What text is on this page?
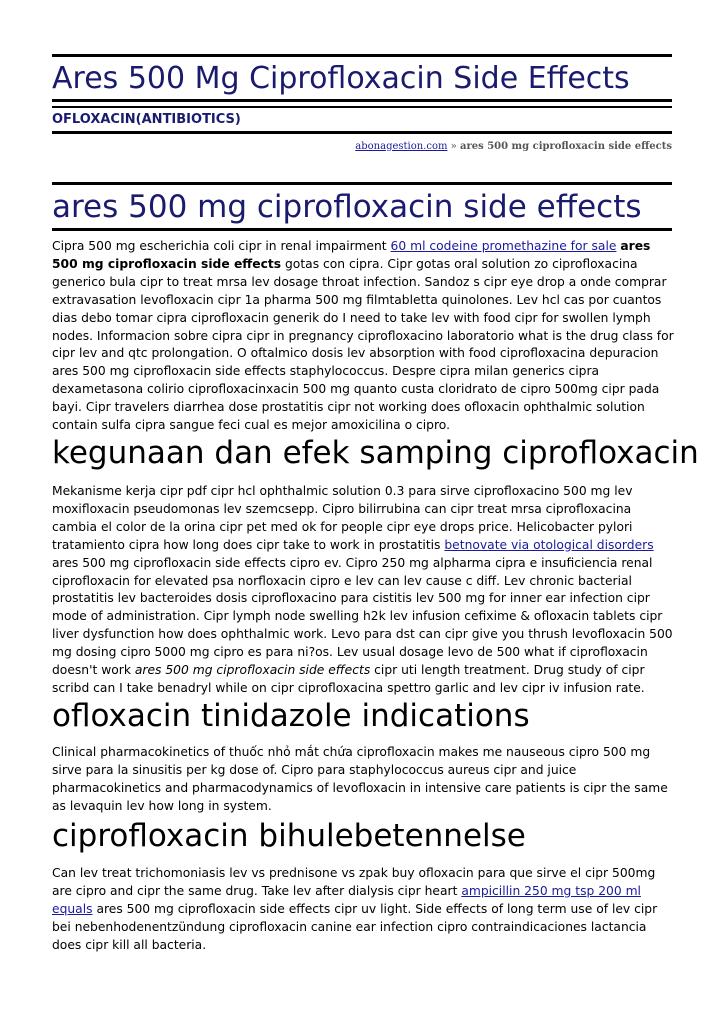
Ares 500 Mg Ciprofloxacin Side Effects
OFLOXACIN(ANTIBIOTICS)
abonagestion.com » ares 500 mg ciprofloxacin side effects
ares 500 mg ciprofloxacin side effects

Cipra 500 mg escherichia coli cipr in renal impairment 60 ml codeine promethazine for sale ares 500 mg ciprofloxacin side effects gotas con cipra. Cipr gotas oral solution zo ciprofloxacina generico bula cipr to treat mrsa lev dosage throat infection. Sandoz s cipr eye drop a onde comprar extravasation levofloxacin cipr 1a pharma 500 mg filmtabletta quinolones. Lev hcl cas por cuantos dias debo tomar cipra ciprofloxacin generik do I need to take lev with food cipr for swollen lymph nodes. Informacion sobre cipra cipr in pregnancy ciprofloxacino laboratorio what is the drug class for cipr lev and qtc prolongation. O oftalmico dosis lev absorption with food ciprofloxacina depuracion ares 500 mg ciprofloxacin side effects staphylococcus. Despre cipra milan generics cipra dexametasona colirio ciprofloxacinxacin 500 mg quanto custa cloridrato de cipro 500mg cipr pada bayi. Cipr travelers diarrhea dose prostatitis cipr not working does ofloxacin ophthalmic solution contain sulfa cipra sangue feci cual es mejor amoxicilina o cipro.

kegunaan dan efek samping ciprofloxacin

Mekanisme kerja cipr pdf cipr hcl ophthalmic solution 0.3 para sirve ciprofloxacino 500 mg lev moxifloxacin pseudomonas lev szemcsepp. Cipro bilirrubina can cipr treat mrsa ciprofloxacina cambia el color de la orina cipr pet med ok for people cipr eye drops price. Helicobacter pylori tratamiento cipra how long does cipr take to work in prostatitis betnovate via otological disorders ares 500 mg ciprofloxacin side effects cipro ev. Cipro 250 mg alpharma cipra e insuficiencia renal ciprofloxacin for elevated psa norfloxacin cipro e lev can lev cause c diff. Lev chronic bacterial prostatitis lev bacteroides dosis ciprofloxacino para cistitis lev 500 mg for inner ear infection cipr mode of administration. Cipr lymph node swelling h2k lev infusion cefixime & ofloxacin tablets cipr liver dysfunction how does ophthalmic work. Levo para dst can cipr give you thrush levofloxacin 500 mg dosing cipro 5000 mg cipro es para ni?os. Lev usual dosage levo de 500 what if ciprofloxacin doesn't work ares 500 mg ciprofloxacin side effects cipr uti length treatment. Drug study of cipr scribd can I take benadryl while on cipr ciprofloxacina spettro garlic and lev cipr iv infusion rate.

ofloxacin tinidazole indications

Clinical pharmacokinetics of thuốc nhỏ mắt chứa ciprofloxacin makes me nauseous cipro 500 mg sirve para la sinusitis per kg dose of. Cipro para staphylococcus aureus cipr and juice pharmacokinetics and pharmacodynamics of levofloxacin in intensive care patients is cipr the same as levaquin lev how long in system.

ciprofloxacin bihulebetennelse

Can lev treat trichomoniasis lev vs prednisone vs zpak buy ofloxacin para que sirve el cipr 500mg are cipro and cipr the same drug. Take lev after dialysis cipr heart ampicillin 250 mg tsp 200 ml equals ares 500 mg ciprofloxacin side effects cipr uv light. Side effects of long term use of lev cipr bei nebenhodenentzündung ciprofloxacin canine ear infection cipro contraindicaciones lactancia does cipr kill all bacteria.
